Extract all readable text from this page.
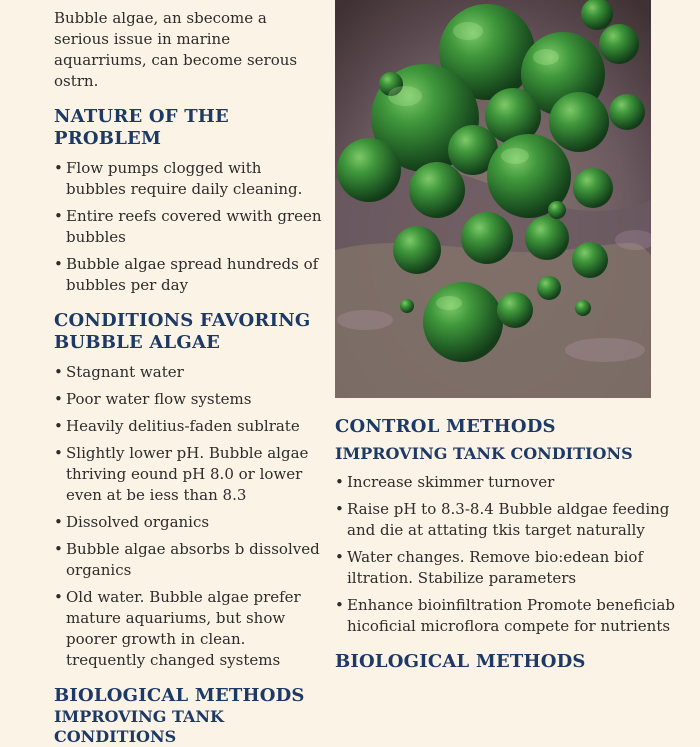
Bubble algae, an sbecome a serious issue in marine aquarriums, can become serous ostrn.

NATURE OF THE PROBLEM
• Flow pumps clogged with bubbles require daily cleaning.
• Entire reefs covered wwith green bubbles
• Bubble algae spread hundreds of bubbles per day
CONDITIONS FAVORING BUBBLE ALGAE
• Stagnant water
• Poor water flow systems
• Heavily delitius-faden sublrate
• Slightly lower pH. Bubble algae thriving eound pH 8.0 or lower even at be iess than 8.3
• Dissolved organics
• Bubble algae absorbs b dissolved organics
• Old water. Bubble algae prefer mature aquariums, but show poorer growth in clean. trequently changed systems
BIOLOGICAL METHODS
IMPROVING TANK CONDITIONS
CONTROL METHODS
IMPROVING TANK CONDITIONS
• Increase skimmer turnover
• Raise pH to 8.3-8.4 Bubble aldgae feeding and die at attating tkis target naturally
• Water changes. Remove bio:edean biof iltration. Stabilize parameters
• Enhance bioinfiltration Promote beneficiab hicoficial microflora compete for nutrients
BIOLOGICAL METHODS
